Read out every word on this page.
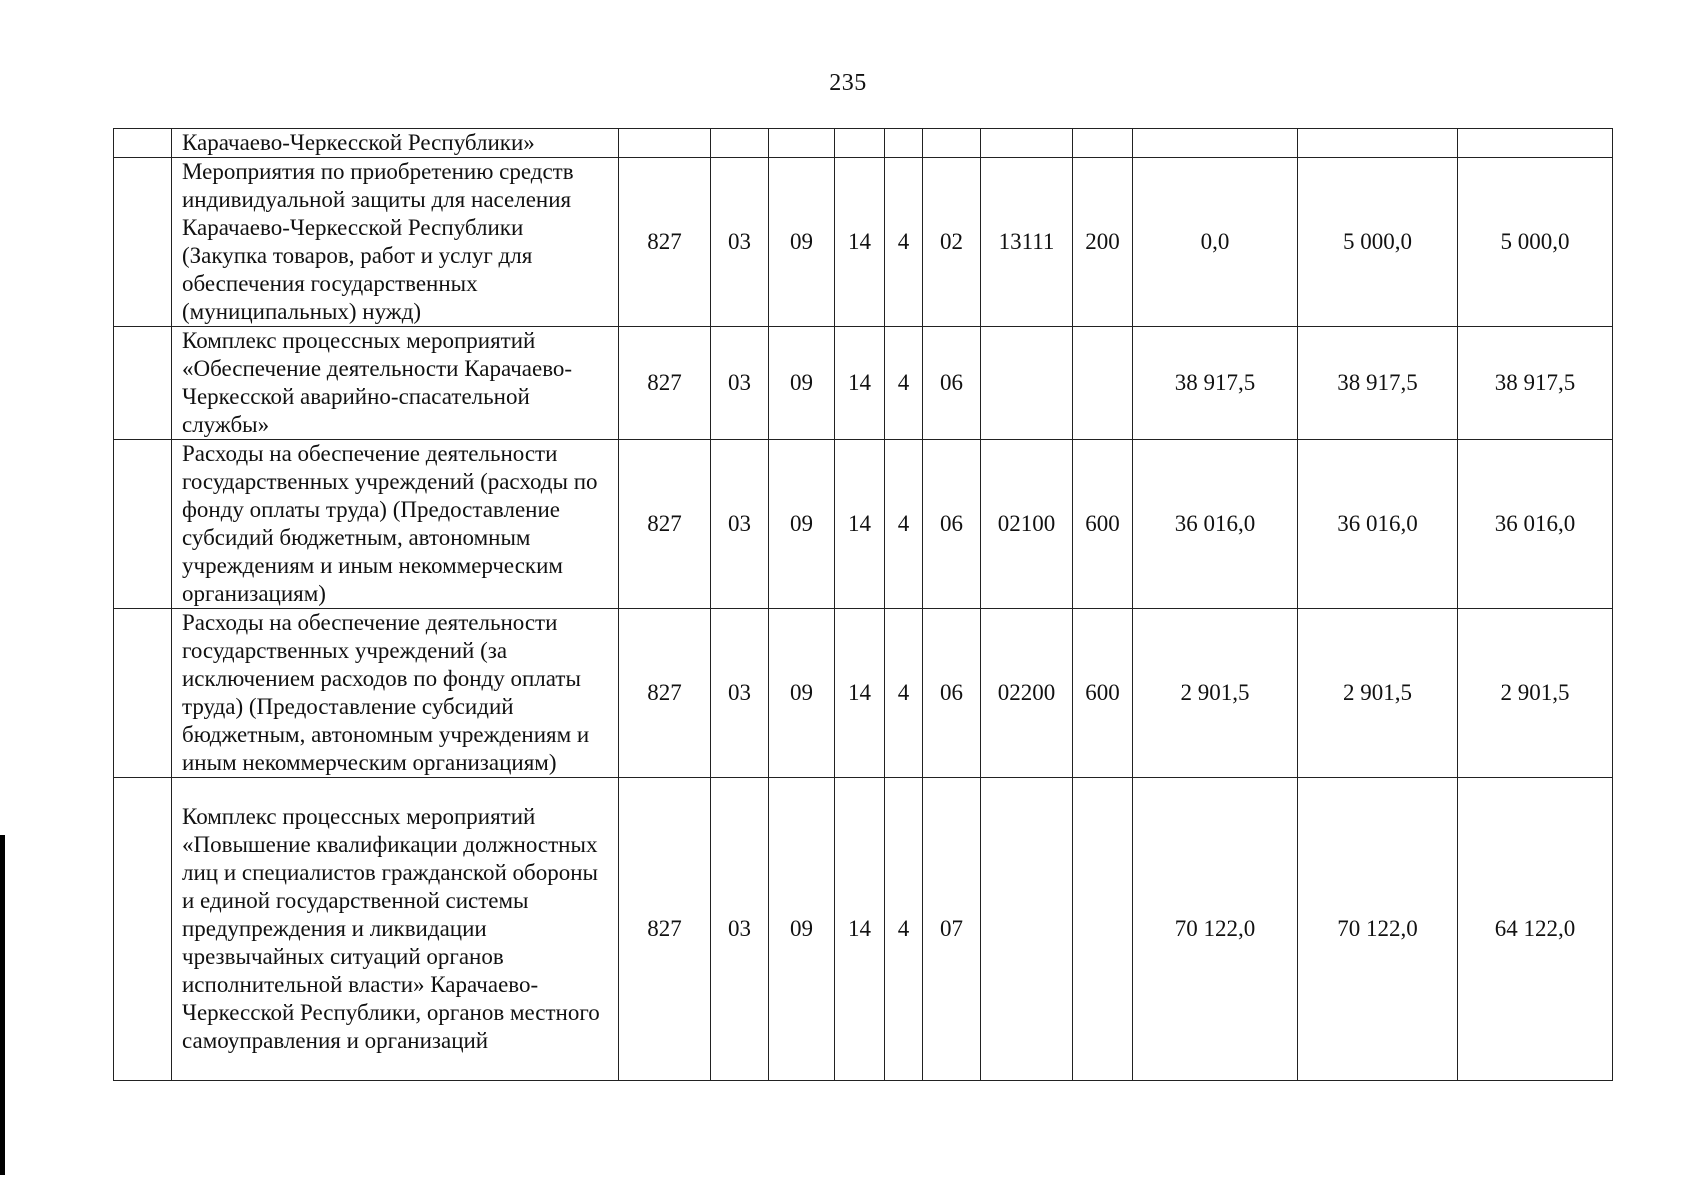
235
	Карачаево-Черкесской Республики»											
	Мероприятия по приобретению средств индивидуальной защиты для населения Карачаево-Черкесской Республики (Закупка товаров, работ и услуг для обеспечения государственных (муниципальных) нужд)	827	03	09	14	4	02	13111	200	0,0	5 000,0	5 000,0
	Комплекс процессных мероприятий «Обеспечение деятельности Карачаево-Черкесской аварийно-спасательной службы»	827	03	09	14	4	06			38 917,5	38 917,5	38 917,5
	Расходы на обеспечение деятельности государственных учреждений (расходы по фонду оплаты труда) (Предоставление субсидий бюджетным, автономным учреждениям и иным некоммерческим организациям)	827	03	09	14	4	06	02100	600	36 016,0	36 016,0	36 016,0
	Расходы на обеспечение деятельности государственных учреждений (за исключением расходов по фонду оплаты труда) (Предоставление субсидий бюджетным, автономным учреждениям и иным некоммерческим организациям)	827	03	09	14	4	06	02200	600	2 901,5	2 901,5	2 901,5
	Комплекс процессных мероприятий «Повышение квалификации должностных лиц и специалистов гражданской обороны и единой государственной системы предупреждения и ликвидации чрезвычайных ситуаций органов исполнительной власти» Карачаево-Черкесской Республики, органов местного самоуправления и организаций	827	03	09	14	4	07			70 122,0	70 122,0	64 122,0
